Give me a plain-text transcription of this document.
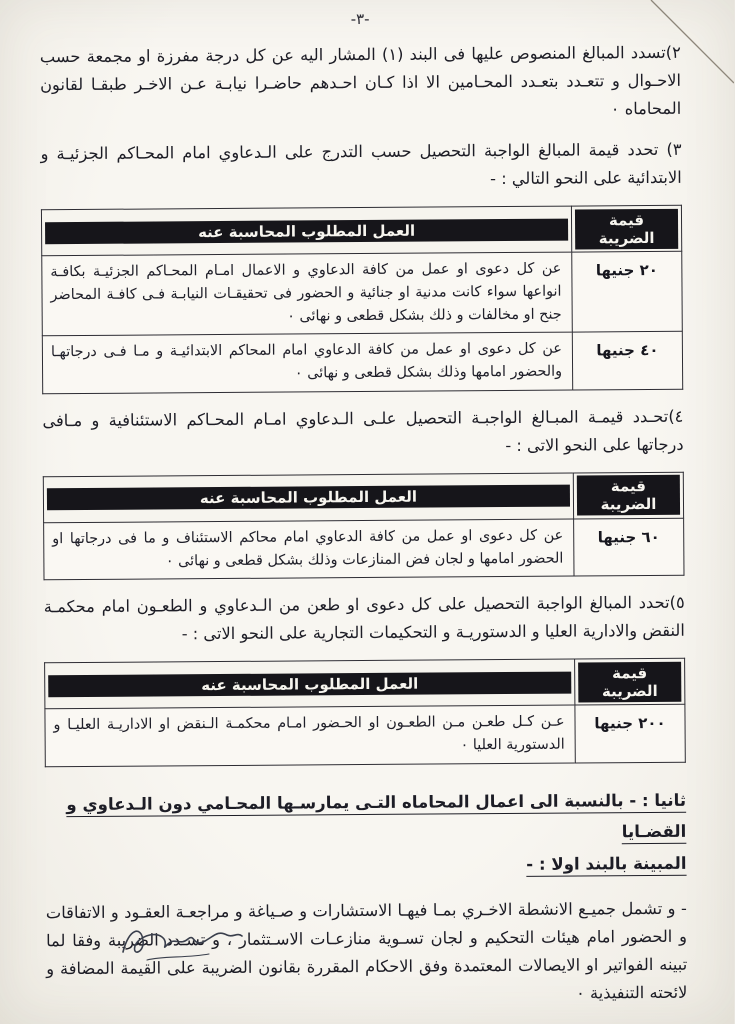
-٣-

٢)تسدد المبالغ المنصوص عليها فى البند (١) المشار اليه عن كل درجة مفرزة او مجمعة حسب الاحـوال و تتعـدد بتعـدد المحـامين الا اذا كـان احـدهم حاضـرا نيابـة عـن الاخـر طبقـا لقانون المحاماه ٠

٣) تحدد قيمة المبالغ الواجبة التحصيل حسب التدرج على الـدعاوي امام المحـاكم الجزئيـة و الابتدائية على النحو التالي : -

قيمة الضريبة	العمل المطلوب المحاسبة عنه

٢٠ جنيها	عن كل دعوى او عمل من كافة الدعاوي و الاعمال امـام المحـاكم الجزئيـة بكافـة انواعها سواء كانت مدنية او جنائية و الحضور فى تحقيقـات النيابـة فـى كافـة المحاضر جنح او مخالفات و ذلك بشكل قطعى و نهائى ٠
٤٠ جنيها	عن كل دعوى او عمل من كافة الدعاوي امام المحاكم الابتدائيـة و مـا فـى درجاتهـا والحضور امامها وذلك بشكل قطعى و نهائى ٠

٤)تحـدد قيمـة المبـالغ الواجبـة التحصيل علـى الـدعاوي امـام المحـاكم الاستئنافية و مـافى درجاتها على النحو الاتى : -

قيمة الضريبة	العمل المطلوب المحاسبة عنه

٦٠ جنيها	عن كل دعوى او عمل من كافة الدعاوي امام محاكم الاستئناف و ما فى درجاتها او الحضور امامها و لجان فض المنازعات وذلك بشكل قطعى و نهائى ٠

٥)تحدد المبالغ الواجبة التحصيل على كل دعوى او طعن من الـدعاوي و الطعـون امام محكمـة النقض والادارية العليا و الدستوريـة و التحكيمات التجارية على النحو الاتى : -

قيمة الضريبة	العمل المطلوب المحاسبة عنه

٢٠٠ جنيها	عـن كـل طعـن مـن الطعـون او الحـضور امـام محكمـة الـنقض او الاداريـة العليـا و الدستورية العليا ٠
ثانيا : - بالنسبة الى اعمال المحاماه التـى يمارسـها المحـامي دون الـدعاوي و القضـايا
المبينة بالبند اولا : -

- و تشمل جميـع الانشطة الاخـري بمـا فيهـا الاستشارات و صـياغة و مراجعـة العقـود و الاتفاقات و الحضور امام هيئات التحكيم و لجان تسـوية منازعـات الاسـتثمار ، و تسـدد الضريبة وفقا لما تبينه الفواتير او الايصالات المعتمدة وفق الاحكام المقررة بقانون الضريبة على القيمة المضافة و لائحته التنفيذية ٠
